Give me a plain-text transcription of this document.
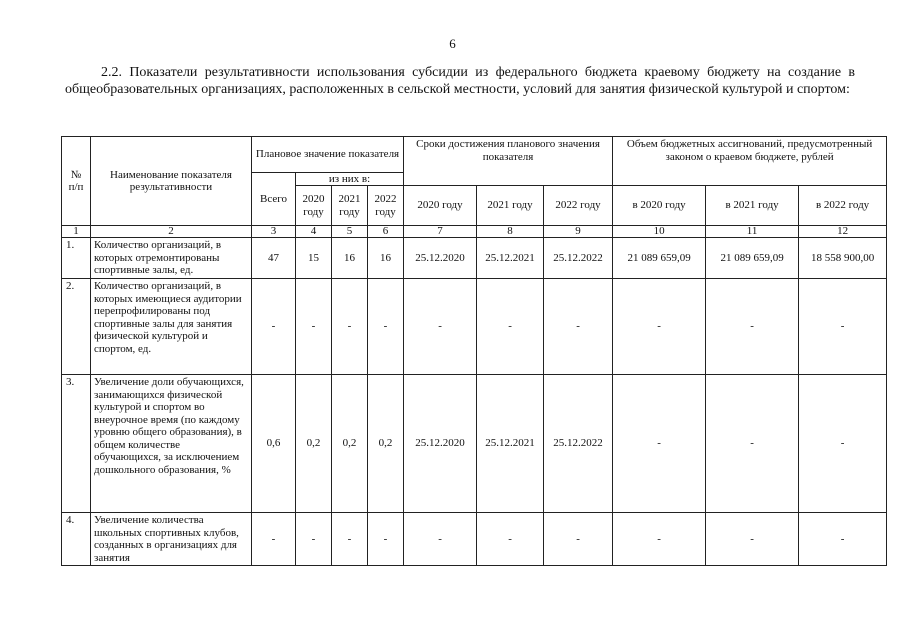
6
2.2. Показатели результативности использования субсидии из федерального бюджета краевому бюджету на создание в общеобразовательных организациях, расположенных в сельской местности, условий для занятия физической культурой и спортом:
№ п/п	Наименование показателя результативности	Плановое значение показателя				Сроки достижения планового значения показателя			Объем бюджетных ассигнований, предусмотренный законом о краевом бюджете, рублей		
		Всего	из них в:								
			2020 году	2021 году	2022 году	2020 году	2021 году	2022 году	в 2020 году	в 2021 году	в 2022 году
1	2	3	4	5	6	7	8	9	10	11	12
1.	Количество организаций, в которых отремонтированы спортивные залы, ед.	47	15	16	16	25.12.2020	25.12.2021	25.12.2022	21 089 659,09	21 089 659,09	18 558 900,00
2.	Количество организаций, в которых имеющиеся аудитории перепрофилированы под спортивные залы для занятия физической культурой и спортом, ед.	-	-	-	-	-	-	-	-	-	-
3.	Увеличение доли обучающихся, занимающихся физической культурой и спортом во внеурочное время (по каждому уровню общего образования), в общем количестве обучающихся, за исключением дошкольного образования, %	0,6	0,2	0,2	0,2	25.12.2020	25.12.2021	25.12.2022	-	-	-
4.	Увеличение количества школьных спортивных клубов, созданных в организациях для занятия	-	-	-	-	-	-	-	-	-	-
